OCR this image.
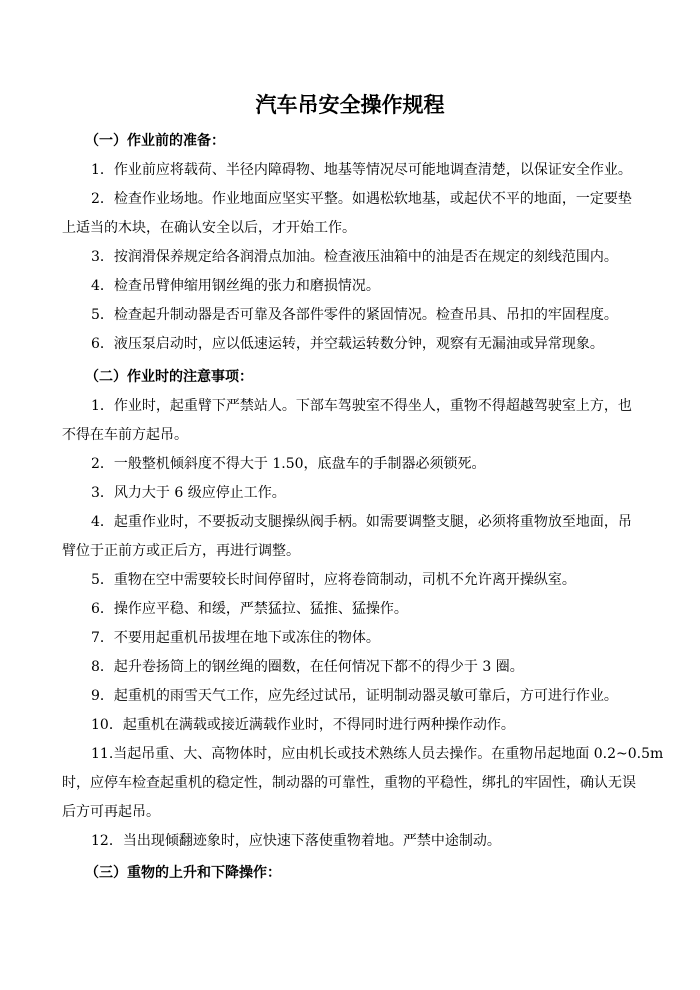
汽车吊安全操作规程
（一）作业前的准备：
1．作业前应将载荷、半径内障碍物、地基等情况尽可能地调查清楚，以保证安全作业。
2．检查作业场地。作业地面应坚实平整。如遇松软地基，或起伏不平的地面，一定要垫
上适当的木块，在确认安全以后，才开始工作。
3．按润滑保养规定给各润滑点加油。检查液压油箱中的油是否在规定的刻线范围内。
4．检查吊臂伸缩用钢丝绳的张力和磨损情况。
5．检查起升制动器是否可靠及各部件零件的紧固情况。检查吊具、吊扣的牢固程度。
6．液压泵启动时，应以低速运转，并空载运转数分钟，观察有无漏油或异常现象。
（二）作业时的注意事项：
1．作业时，起重臂下严禁站人。下部车驾驶室不得坐人，重物不得超越驾驶室上方，也
不得在车前方起吊。
2．一般整机倾斜度不得大于 1.50，底盘车的手制器必须锁死。
3．风力大于 6 级应停止工作。
4．起重作业时，不要扳动支腿操纵阀手柄。如需要调整支腿，必须将重物放至地面，吊
臂位于正前方或正后方，再进行调整。
5．重物在空中需要较长时间停留时，应将卷筒制动，司机不允许离开操纵室。
6．操作应平稳、和缓，严禁猛拉、猛推、猛操作。
7．不要用起重机吊拔埋在地下或冻住的物体。
8．起升卷扬筒上的钢丝绳的圈数，在任何情况下都不的得少于 3 圈。
9．起重机的雨雪天气工作，应先经过试吊，证明制动器灵敏可靠后，方可进行作业。
10．起重机在满载或接近满载作业时，不得同时进行两种操作动作。
11.当起吊重、大、高物体时，应由机长或技术熟练人员去操作。在重物吊起地面 0.2~0.5m
时，应停车检查起重机的稳定性，制动器的可靠性，重物的平稳性，绑扎的牢固性，确认无误
后方可再起吊。
12．当出现倾翻迹象时，应快速下落使重物着地。严禁中途制动。
（三）重物的上升和下降操作：
